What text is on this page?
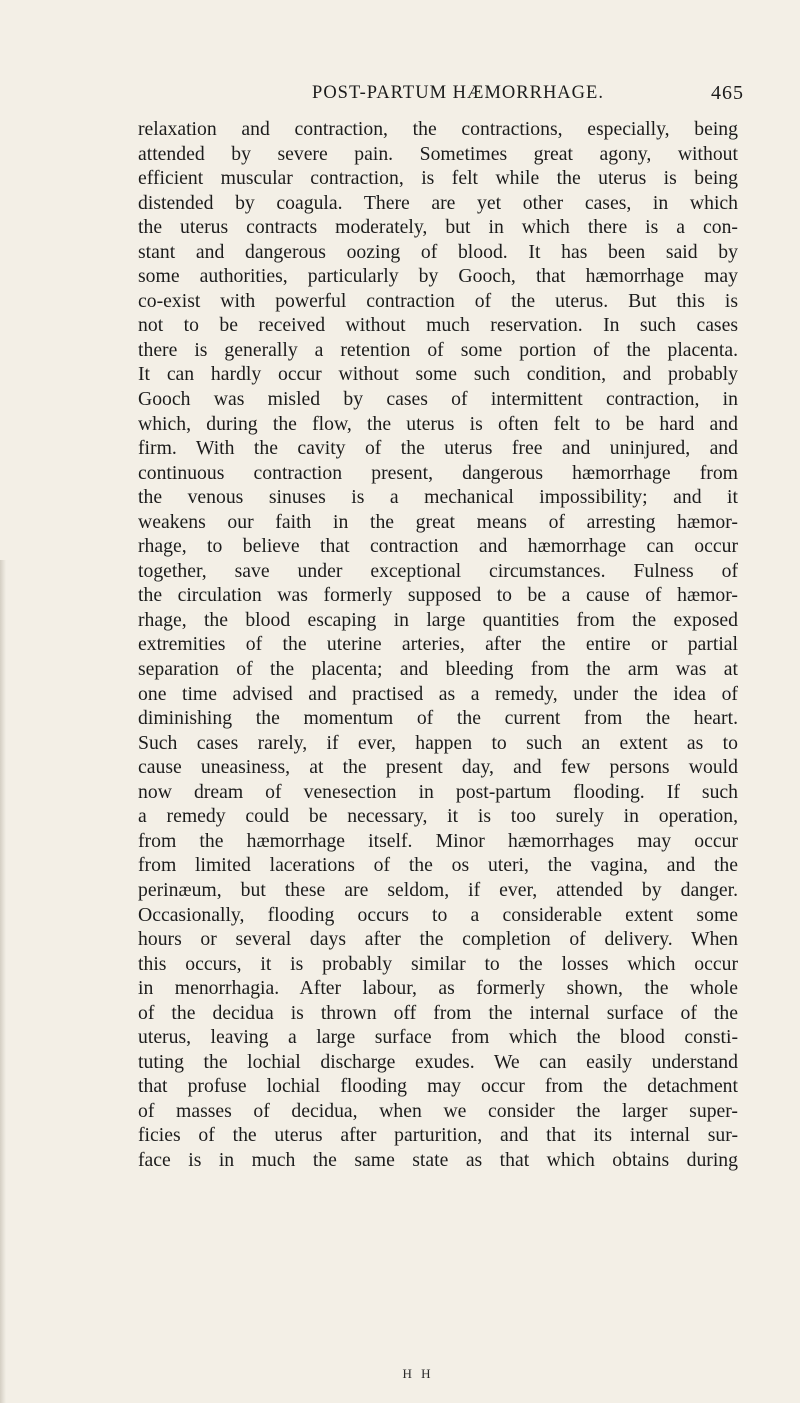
POST-PARTUM HÆMORRHAGE.	465
relaxation and contraction, the contractions, especially, being
attended by severe pain. Sometimes great agony, without
efficient muscular contraction, is felt while the uterus is being
distended by coagula. There are yet other cases, in which
the uterus contracts moderately, but in which there is a con-
stant and dangerous oozing of blood. It has been said by
some authorities, particularly by Gooch, that hæmorrhage may
co-exist with powerful contraction of the uterus. But this is
not to be received without much reservation. In such cases
there is generally a retention of some portion of the placenta.
It can hardly occur without some such condition, and probably
Gooch was misled by cases of intermittent contraction, in
which, during the flow, the uterus is often felt to be hard and
firm. With the cavity of the uterus free and uninjured, and
continuous contraction present, dangerous hæmorrhage from
the venous sinuses is a mechanical impossibility; and it
weakens our faith in the great means of arresting hæmor-
rhage, to believe that contraction and hæmorrhage can occur
together, save under exceptional circumstances. Fulness of
the circulation was formerly supposed to be a cause of hæmor-
rhage, the blood escaping in large quantities from the exposed
extremities of the uterine arteries, after the entire or partial
separation of the placenta; and bleeding from the arm was at
one time advised and practised as a remedy, under the idea of
diminishing the momentum of the current from the heart.
Such cases rarely, if ever, happen to such an extent as to
cause uneasiness, at the present day, and few persons would
now dream of venesection in post-partum flooding. If such
a remedy could be necessary, it is too surely in operation,
from the hæmorrhage itself. Minor hæmorrhages may occur
from limited lacerations of the os uteri, the vagina, and the
perinæum, but these are seldom, if ever, attended by danger.
Occasionally, flooding occurs to a considerable extent some
hours or several days after the completion of delivery. When
this occurs, it is probably similar to the losses which occur
in menorrhagia. After labour, as formerly shown, the whole
of the decidua is thrown off from the internal surface of the
uterus, leaving a large surface from which the blood consti-
tuting the lochial discharge exudes. We can easily understand
that profuse lochial flooding may occur from the detachment
of masses of decidua, when we consider the larger super-
ficies of the uterus after parturition, and that its internal sur-
face is in much the same state as that which obtains during
H H
